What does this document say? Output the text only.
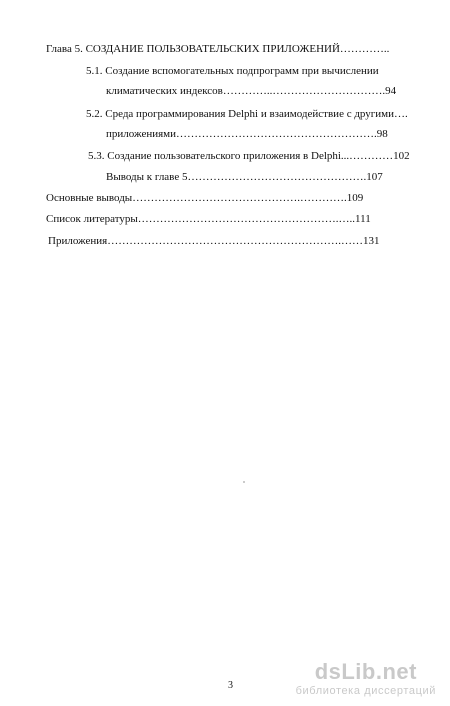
Глава 5. СОЗДАНИЕ ПОЛЬЗОВАТЕЛЬСКИХ ПРИЛОЖЕНИЙ…………..
5.1. Создание вспомогательных подпрограмм при вычислении
климатических индексов…………..………………………….94
5.2. Среда программирования Delphi и взаимодействие с другими….
приложениями……………………………………………….98
5.3. Создание пользовательского приложения в Delphi...…………102
Выводы к главе 5………………………………………….107
Основные выводы……………………………………….………….109
Список литературы……………………………………………….…..111
Приложения……………………………………………………….……131
3
dsLib.net
библиотека диссертаций
